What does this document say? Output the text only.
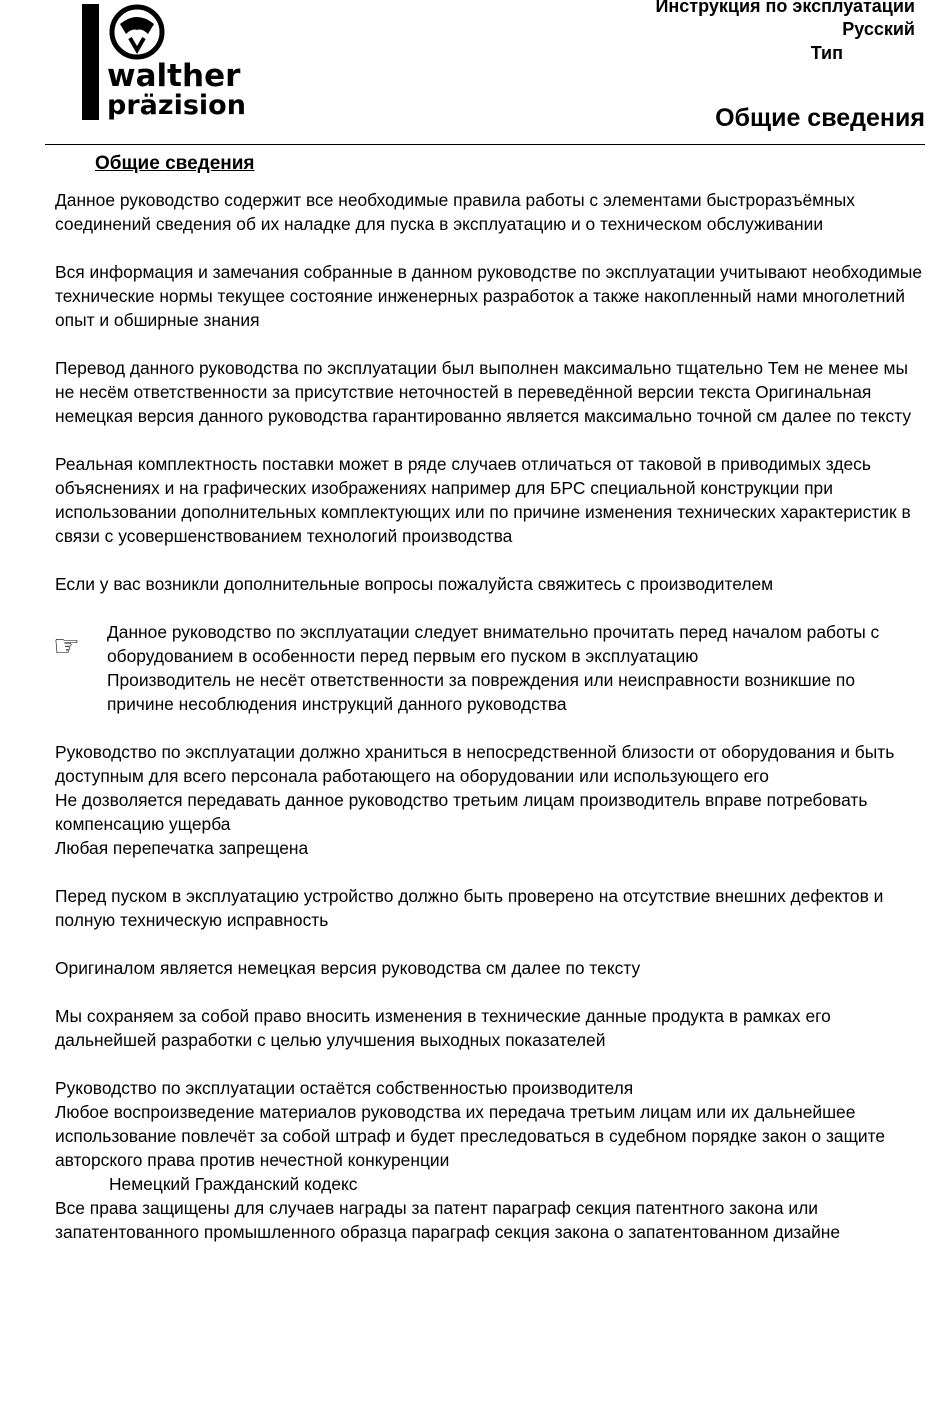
walther
präzision
Инструкция по эксплуатации
Русский
Тип
Общие сведения
Общие сведения

Данное руководство содержит все необходимые правила работы с элементами быстроразъёмных соединений сведения об их наладке для пуска в эксплуатацию и о техническом обслуживании

Вся информация и замечания собранные в данном руководстве по эксплуатации учитывают необходимые технические нормы текущее состояние инженерных разработок а также накопленный нами многолетний опыт и обширные знания

Перевод данного руководства по эксплуатации был выполнен максимально тщательно Тем не менее мы не несём ответственности за присутствие неточностей в переведённой версии текста Оригинальная немецкая версия данного руководства гарантированно является максимально точной см далее по тексту

Реальная комплектность поставки может в ряде случаев отличаться от таковой в приводимых здесь объяснениях и на графических изображениях например для БРС специальной конструкции при использовании дополнительных комплектующих или по причине изменения технических характеристик в связи с усовершенствованием технологий производства

Если у вас возникли дополнительные вопросы пожалуйста свяжитесь с производителем

☞ Данное руководство по эксплуатации следует внимательно прочитать перед началом работы с оборудованием в особенности перед первым его пуском в эксплуатацию

Производитель не несёт ответственности за повреждения или неисправности возникшие по причине несоблюдения инструкций данного руководства

Руководство по эксплуатации должно храниться в непосредственной близости от оборудования и быть доступным для всего персонала работающего на оборудовании или использующего его

Не дозволяется передавать данное руководство третьим лицам производитель вправе потребовать компенсацию ущерба

Любая перепечатка запрещена

Перед пуском в эксплуатацию устройство должно быть проверено на отсутствие внешних дефектов и полную техническую исправность

Оригиналом является немецкая версия руководства см далее по тексту

Мы сохраняем за собой право вносить изменения в технические данные продукта в рамках его дальнейшей разработки с целью улучшения выходных показателей

Руководство по эксплуатации остаётся собственностью производителя

Любое воспроизведение материалов руководства их передача третьим лицам или их дальнейшее использование повлечёт за собой штраф и будет преследоваться в судебном порядке закон о защите авторского права против нечестной конкуренции

Немецкий Гражданский кодекс

Все права защищены для случаев награды за патент параграф секция патентного закона или запатентованного промышленного образца параграф секция закона о запатентованном дизайне
